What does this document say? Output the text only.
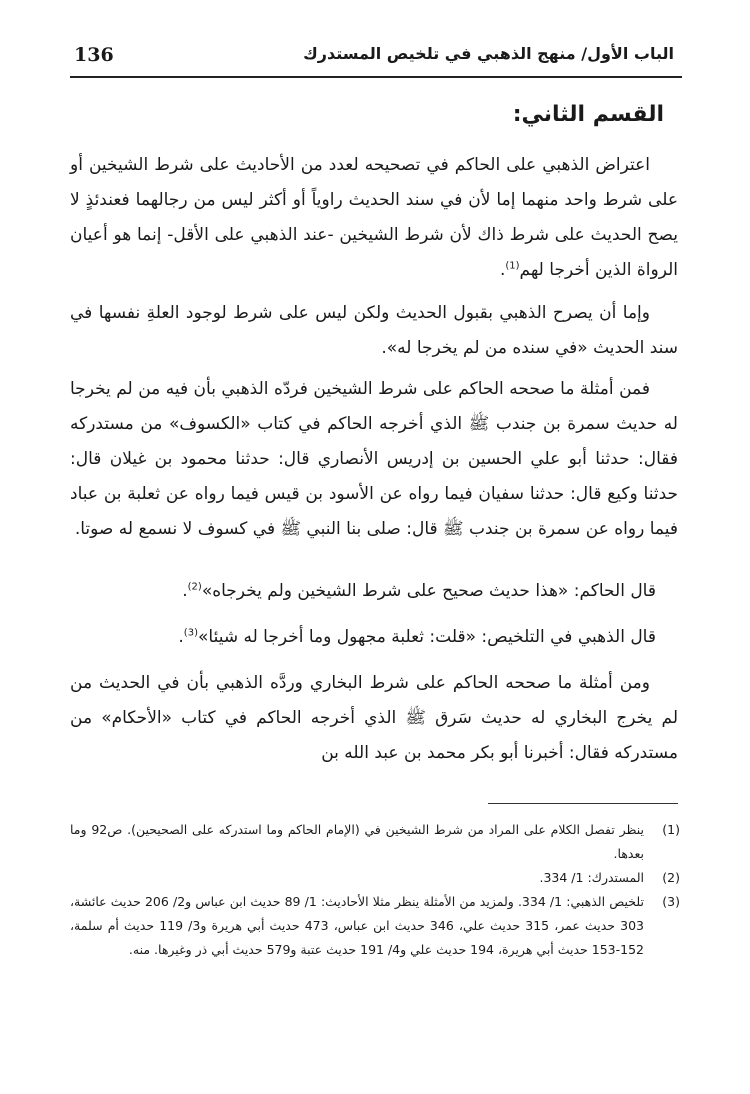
136	الباب الأول/ منهج الذهبي في تلخيص المستدرك
القسم الثاني:

اعتراض الذهبي على الحاكم في تصحيحه لعدد من الأحاديث على شرط الشيخين أو على شرط واحد منهما إما لأن في سند الحديث راوياً أو أكثر ليس من رجالهما فعندئذٍ لا يصح الحديث على شرط ذاك لأن شرط الشيخين -عند الذهبي على الأقل- إنما هو أعيان الرواة الذين أخرجا لهم$^{(1)}$.

وإما أن يصرح الذهبي بقبول الحديث ولكن ليس على شرط لوجود العلةِ نفسها في سند الحديث «في سنده من لم يخرجا له».

فمن أمثلة ما صححه الحاكم على شرط الشيخين فردّه الذهبي بأن فيه من لم يخرجا له حديث سمرة بن جندب ﷺ الذي أخرجه الحاكم في كتاب «الكسوف» من مستدركه فقال: حدثنا أبو علي الحسين بن إدريس الأنصاري قال: حدثنا محمود بن غيلان قال: حدثنا وكيع قال: حدثنا سفيان فيما رواه عن الأسود بن قيس فيما رواه عن ثعلبة بن عباد فيما رواه عن سمرة بن جندب ﷺ قال: صلى بنا النبي ﷺ في كسوف لا نسمع له صوتا.

قال الحاكم: «هذا حديث صحيح على شرط الشيخين ولم يخرجاه»$^{(2)}$.
قال الذهبي في التلخيص: «قلت: ثعلبة مجهول وما أخرجا له شيئا»$^{(3)}$.

ومن أمثلة ما صححه الحاكم على شرط البخاري وردَّه الذهبي بأن في الحديث من لم يخرج البخاري له حديث سَرق ﷺ الذي أخرجه الحاكم في كتاب «الأحكام» من مستدركه فقال: أخبرنا أبو بكر محمد بن عبد الله بن

(1)
ينظر تفصل الكلام على المراد من شرط الشيخين في (الإمام الحاكم وما استدركه على الصحيحين). ص92 وما بعدها.
(2)
المستدرك: 1/ 334.
(3)
تلخيص الذهبي: 1/ 334. ولمزيد من الأمثلة ينظر مثلا الأحاديث: 1/ 89 حديث ابن عباس و2/ 206 حديث عائشة، 303 حديث عمر، 315 حديث علي، 346 حديث ابن عباس، 473 حديث أبي هريرة و3/ 119 حديث أم سلمة، 152-153 حديث أبي هريرة، 194 حديث علي و4/ 191 حديث عتبة و579 حديث أبي ذر وغيرها. منه.
